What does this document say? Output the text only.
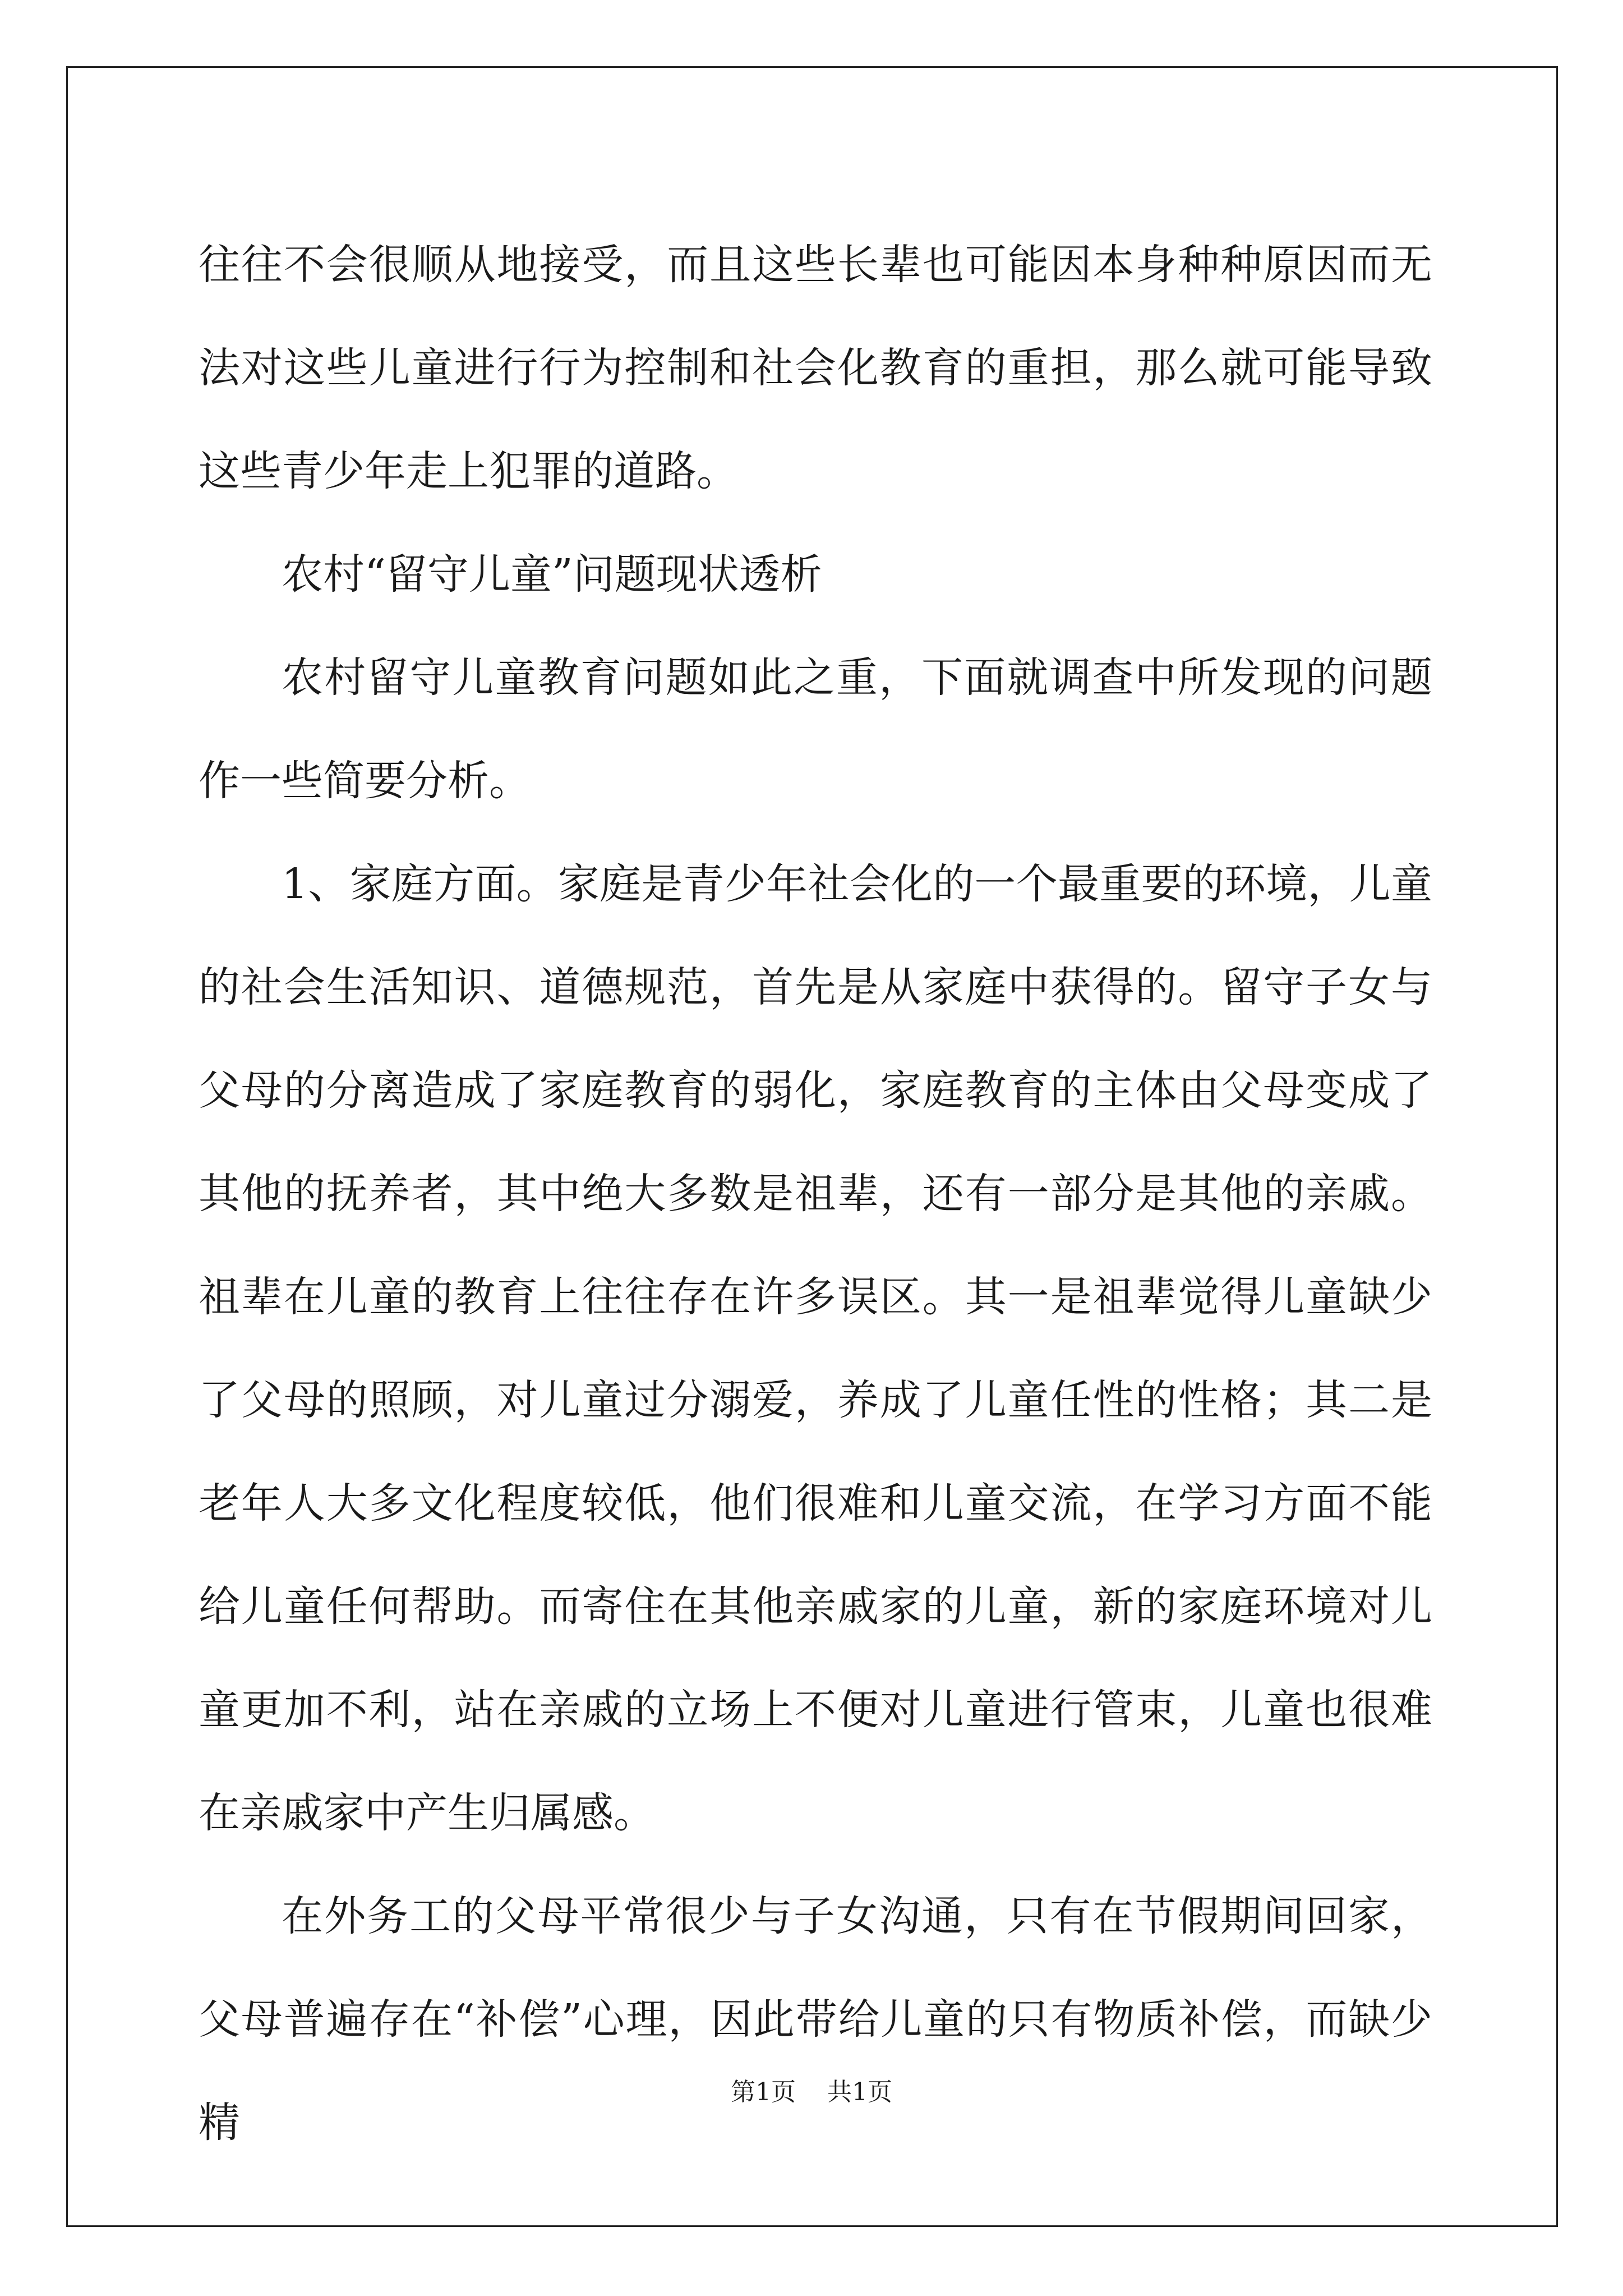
往往不会很顺从地接受，而且这些长辈也可能因本身种种原因而无法对这些儿童进行行为控制和社会化教育的重担，那么就可能导致这些青少年走上犯罪的道路。

农村“留守儿童”问题现状透析

农村留守儿童教育问题如此之重，下面就调查中所发现的问题作一些简要分析。

1、家庭方面。家庭是青少年社会化的一个最重要的环境，儿童的社会生活知识、道德规范，首先是从家庭中获得的。留守子女与父母的分离造成了家庭教育的弱化，家庭教育的主体由父母变成了其他的抚养者，其中绝大多数是祖辈，还有一部分是其他的亲戚。祖辈在儿童的教育上往往存在许多误区。其一是祖辈觉得儿童缺少了父母的照顾，对儿童过分溺爱，养成了儿童任性的性格；其二是老年人大多文化程度较低，他们很难和儿童交流，在学习方面不能给儿童任何帮助。而寄住在其他亲戚家的儿童，新的家庭环境对儿童更加不利，站在亲戚的立场上不便对儿童进行管束，儿童也很难在亲戚家中产生归属感。

在外务工的父母平常很少与子女沟通，只有在节假期间回家，父母普遍存在“补偿”心理，因此带给儿童的只有物质补偿，而缺少精

第1页 共1页
